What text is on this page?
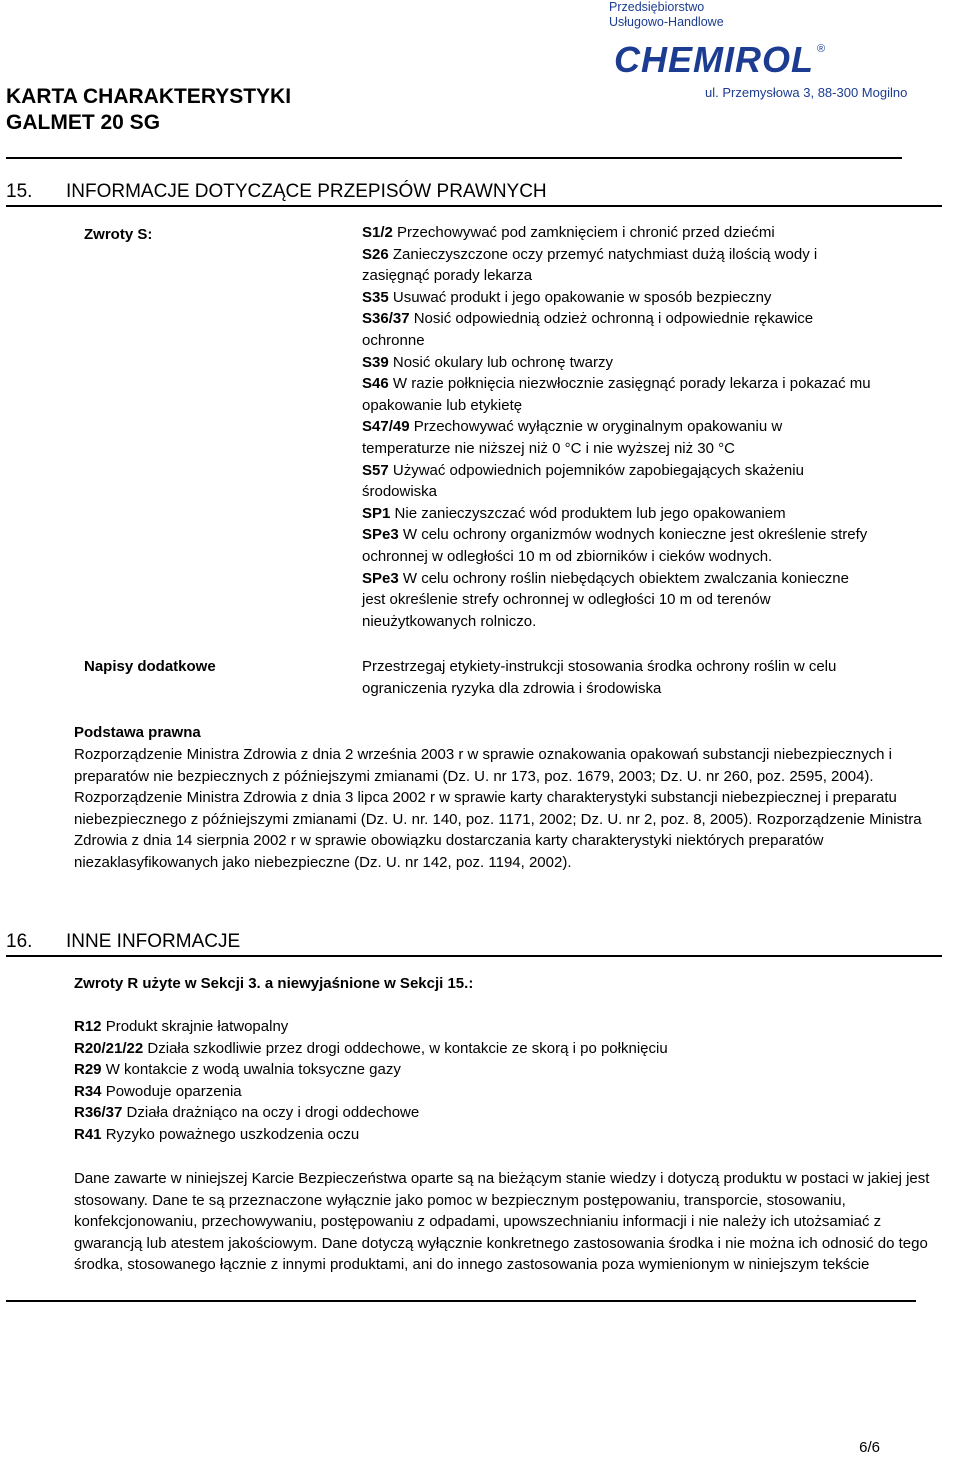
KARTA CHARAKTERYSTYKI
GALMET 20 SG
Przedsiębiorstwo
Usługowo-Handlowe
CHEMIROL ®
ul. Przemysłowa 3, 88-300 Mogilno
15. INFORMACJE DOTYCZĄCE PRZEPISÓW PRAWNYCH
Zwroty S:	S1/2 Przechowywać pod zamknięciem i chronić przed dziećmi

S26 Zanieczyszczone oczy przemyć natychmiast dużą ilością wody i zasięgnąć porady lekarza

S35 Usuwać produkt i jego opakowanie w sposób bezpieczny

S36/37 Nosić odpowiednią odzież ochronną i odpowiednie rękawice ochronne

S39 Nosić okulary lub ochronę twarzy

S46 W razie połknięcia niezwłocznie zasięgnąć porady lekarza i pokazać mu opakowanie lub etykietę

S47/49 Przechowywać wyłącznie w oryginalnym opakowaniu w temperaturze nie niższej niż 0 °C i nie wyższej niż 30 °C

S57 Używać odpowiednich pojemników zapobiegających skażeniu środowiska

SP1 Nie zanieczyszczać wód produktem lub jego opakowaniem

SPe3 W celu ochrony organizmów wodnych konieczne jest określenie strefy ochronnej w odległości 10 m od zbiorników i cieków wodnych.

SPe3 W celu ochrony roślin niebędących obiektem zwalczania konieczne jest określenie strefy ochronnej w odległości 10 m od terenów nieużytkowanych rolniczo.

Napisy dodatkowe	Przestrzegaj etykiety-instrukcji stosowania środka ochrony roślin w celu ograniczenia ryzyka dla zdrowia i środowiska
Podstawa prawna
Rozporządzenie Ministra Zdrowia z dnia 2 września 2003 r w sprawie oznakowania opakowań substancji niebezpiecznych i preparatów nie bezpiecznych z późniejszymi zmianami (Dz. U. nr 173, poz. 1679, 2003; Dz. U. nr 260, poz. 2595, 2004). Rozporządzenie Ministra Zdrowia z dnia 3 lipca 2002 r w sprawie karty charakterystyki substancji niebezpiecznej i preparatu niebezpiecznego z późniejszymi zmianami (Dz. U. nr. 140, poz. 1171, 2002; Dz. U. nr 2, poz. 8, 2005). Rozporządzenie Ministra Zdrowia z dnia 14 sierpnia 2002 r w sprawie obowiązku dostarczania karty charakterystyki niektórych preparatów niezaklasyfikowanych jako niebezpieczne (Dz. U. nr 142, poz. 1194, 2002).
16. INNE INFORMACJE
Zwroty R użyte w Sekcji 3. a niewyjaśnione w Sekcji 15.:

R12 Produkt skrajnie łatwopalny

R20/21/22 Działa szkodliwie przez drogi oddechowe, w kontakcie ze skorą i po połknięciu

R29 W kontakcie z wodą uwalnia toksyczne gazy

R34 Powoduje oparzenia

R36/37 Działa drażniąco na oczy i drogi oddechowe

R41 Ryzyko poważnego uszkodzenia oczu

Dane zawarte w niniejszej Karcie Bezpieczeństwa oparte są na bieżącym stanie wiedzy i dotyczą produktu w postaci w jakiej jest stosowany. Dane te są przeznaczone wyłącznie jako pomoc w bezpiecznym postępowaniu, transporcie, stosowaniu, konfekcjonowaniu, przechowywaniu, postępowaniu z odpadami, upowszechnianiu informacji i nie należy ich utożsamiać z gwarancją lub atestem jakościowym. Dane dotyczą wyłącznie konkretnego zastosowania środka i nie można ich odnosić do tego środka, stosowanego łącznie z innymi produktami, ani do innego zastosowania poza wymienionym w niniejszym tekście
6/6
